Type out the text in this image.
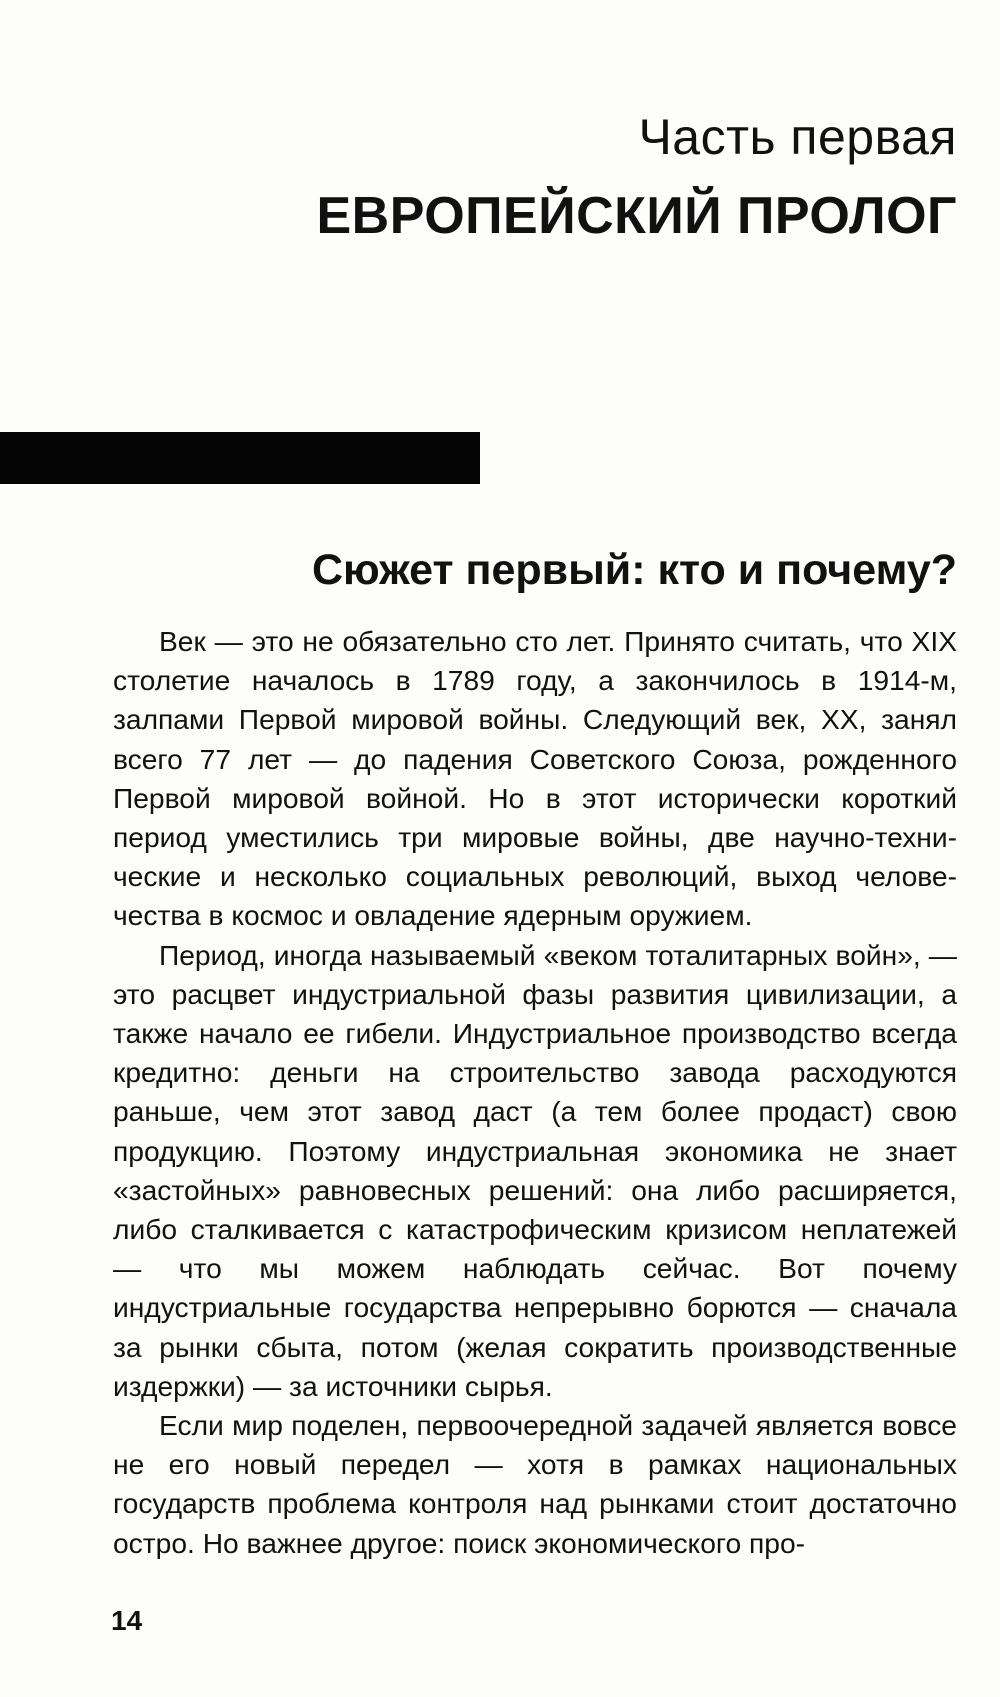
Часть первая
ЕВРОПЕЙСКИЙ ПРОЛОГ
Сюжет первый: кто и почему?

Век — это не обязательно сто лет. Принято считать, что XIX столетие началось в 1789 году, а закончилось в 1914-м, залпами Первой мировой войны. Следующий век, XX, занял всего 77 лет — до падения Советского Союза, рожденного Первой мировой войной. Но в этот исторически короткий период уместились три мировые войны, две научно-технические и несколько социальных революций, выход человечества в космос и овладение ядерным оружием.

Период, иногда называемый «веком тоталитарных войн», — это расцвет индустриальной фазы развития цивилизации, а также начало ее гибели. Индустриальное производство всегда кредитно: деньги на строительство завода расходуются раньше, чем этот завод даст (а тем более продаст) свою продукцию. Поэтому индустриальная экономика не знает «застойных» равновесных решений: она либо расширяется, либо сталкивается с катастрофическим кризисом неплатежей — что мы можем наблюдать сейчас. Вот почему индустриальные государства непрерывно борются — сначала за рынки сбыта, потом (желая сократить производственные издержки) — за источники сырья.

Если мир поделен, первоочередной задачей является вовсе не его новый передел — хотя в рамках национальных государств проблема контроля над рынками стоит достаточно остро. Но важнее другое: поиск экономического про-

14
